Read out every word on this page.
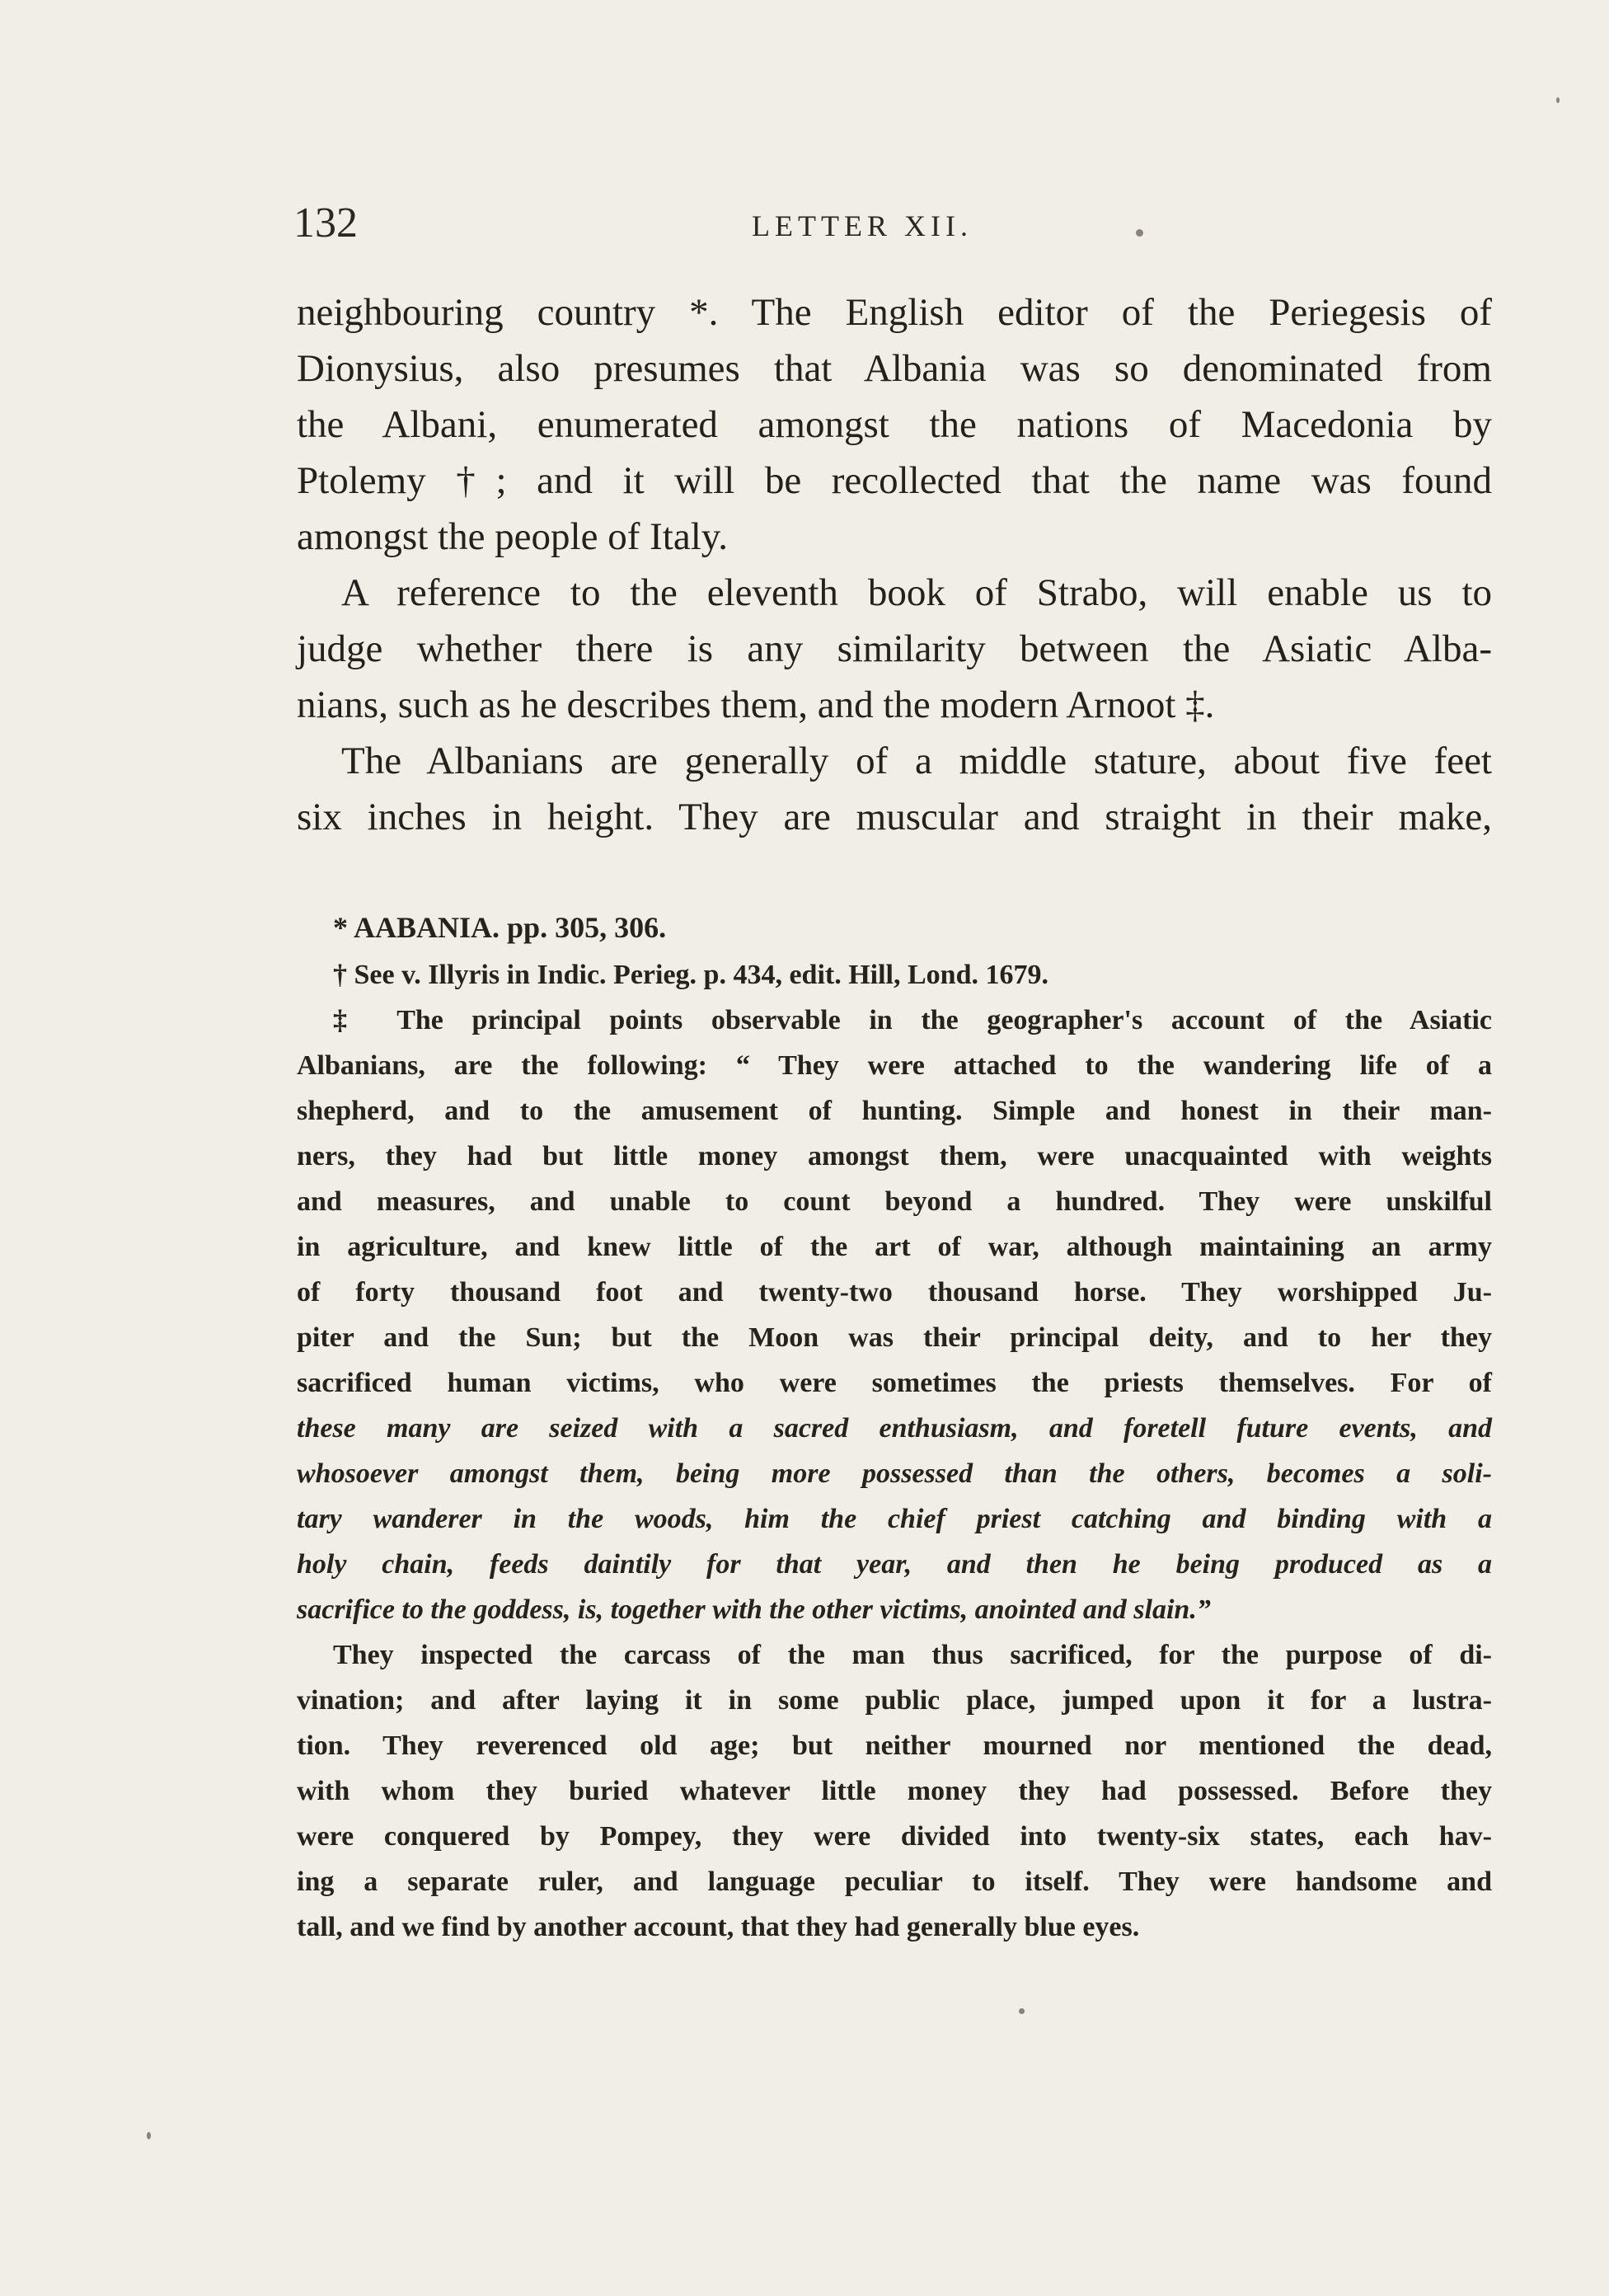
132	LETTER XII.
neighbouring country *. The English editor of the Periegesis of
Dionysius, also presumes that Albania was so denominated from
the Albani, enumerated amongst the nations of Macedonia by
Ptolemy †; and it will be recollected that the name was found
amongst the people of Italy.
A reference to the eleventh book of Strabo, will enable us to
judge whether there is any similarity between the Asiatic Alba-
nians, such as he describes them, and the modern Arnoot ‡.
The Albanians are generally of a middle stature, about five feet
six inches in height. They are muscular and straight in their make,
* AABANIA. pp. 305, 306.
† See v. Illyris in Indic. Perieg. p. 434, edit. Hill, Lond. 1679.
‡ The principal points observable in the geographer's account of the Asiatic
Albanians, are the following: “ They were attached to the wandering life of a
shepherd, and to the amusement of hunting. Simple and honest in their man-
ners, they had but little money amongst them, were unacquainted with weights
and measures, and unable to count beyond a hundred. They were unskilful
in agriculture, and knew little of the art of war, although maintaining an army
of forty thousand foot and twenty-two thousand horse. They worshipped Ju-
piter and the Sun; but the Moon was their principal deity, and to her they
sacrificed human victims, who were sometimes the priests themselves. For of
these many are seized with a sacred enthusiasm, and foretell future events, and
whosoever amongst them, being more possessed than the others, becomes a soli-
tary wanderer in the woods, him the chief priest catching and binding with a
holy chain, feeds daintily for that year, and then he being produced as a
sacrifice to the goddess, is, together with the other victims, anointed and slain.”
They inspected the carcass of the man thus sacrificed, for the purpose of di-
vination; and after laying it in some public place, jumped upon it for a lustra-
tion. They reverenced old age; but neither mourned nor mentioned the dead,
with whom they buried whatever little money they had possessed. Before they
were conquered by Pompey, they were divided into twenty-six states, each hav-
ing a separate ruler, and language peculiar to itself. They were handsome and
tall, and we find by another account, that they had generally blue eyes.
